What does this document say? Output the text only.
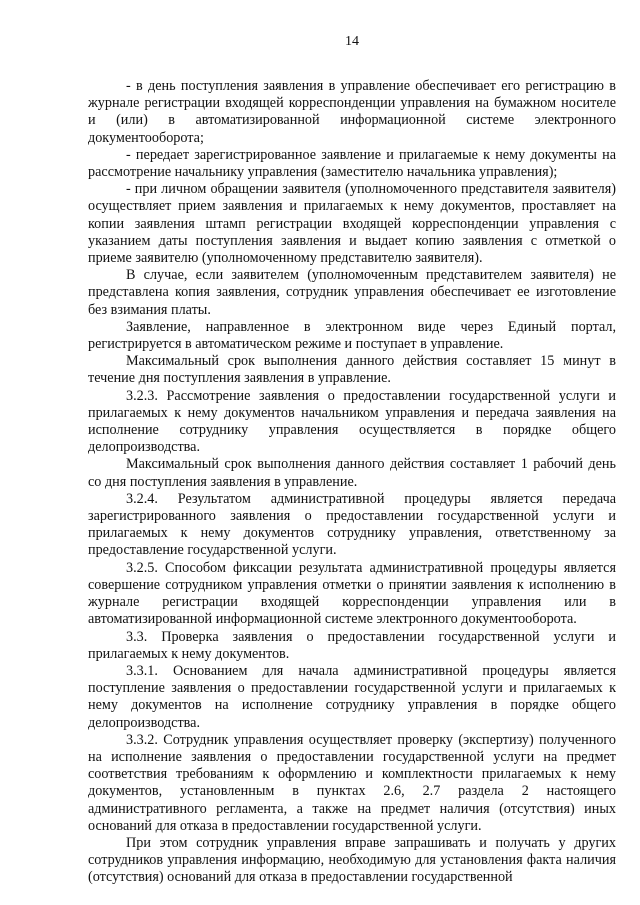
14

- в день поступления заявления в управление обеспечивает его регистрацию в журнале регистрации входящей корреспонденции управления на бумажном носителе и (или) в автоматизированной информационной системе электронного документооборота;

- передает зарегистрированное заявление и прилагаемые к нему документы на рассмотрение начальнику управления (заместителю начальника управления);

- при личном обращении заявителя (уполномоченного представителя заявителя) осуществляет прием заявления и прилагаемых к нему документов, проставляет на копии заявления штамп регистрации входящей корреспонденции управления с указанием даты поступления заявления и выдает копию заявления с отметкой о приеме заявителю (уполномоченному представителю заявителя).

В случае, если заявителем (уполномоченным представителем заявителя) не представлена копия заявления, сотрудник управления обеспечивает ее изготовление без взимания платы.

Заявление, направленное в электронном виде через Единый портал, регистрируется в автоматическом режиме и поступает в управление.

Максимальный срок выполнения данного действия составляет 15 минут в течение дня поступления заявления в управление.

3.2.3. Рассмотрение заявления о предоставлении государственной услуги и прилагаемых к нему документов начальником управления и передача заявления на исполнение сотруднику управления осуществляется в порядке общего делопроизводства.

Максимальный срок выполнения данного действия составляет 1 рабочий день со дня поступления заявления в управление.

3.2.4. Результатом административной процедуры является передача зарегистрированного заявления о предоставлении государственной услуги и прилагаемых к нему документов сотруднику управления, ответственному за предоставление государственной услуги.

3.2.5. Способом фиксации результата административной процедуры является совершение сотрудником управления отметки о принятии заявления к исполнению в журнале регистрации входящей корреспонденции управления или в автоматизированной информационной системе электронного документооборота.

3.3. Проверка заявления о предоставлении государственной услуги и прилагаемых к нему документов.

3.3.1. Основанием для начала административной процедуры является поступление заявления о предоставлении государственной услуги и прилагаемых к нему документов на исполнение сотруднику управления в порядке общего делопроизводства.

3.3.2. Сотрудник управления осуществляет проверку (экспертизу) полученного на исполнение заявления о предоставлении государственной услуги на предмет соответствия требованиям к оформлению и комплектности прилагаемых к нему документов, установленным в пунктах 2.6, 2.7 раздела 2 настоящего административного регламента, а также на предмет наличия (отсутствия) иных оснований для отказа в предоставлении государственной услуги.

При этом сотрудник управления вправе запрашивать и получать у других сотрудников управления информацию, необходимую для установления факта наличия (отсутствия) оснований для отказа в предоставлении государственной
